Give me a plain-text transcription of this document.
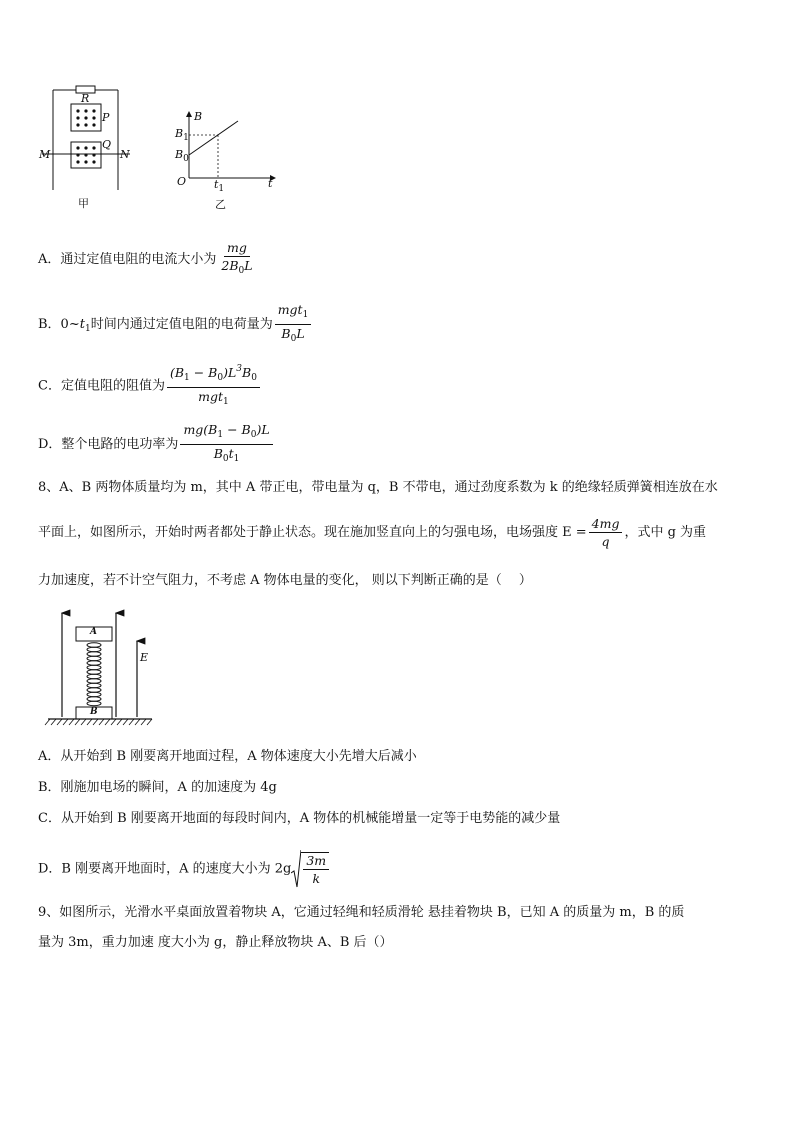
R
P
Q
M	N
甲
B
$B_1$
$B_0$
O	$t_1$	t
乙
A．通过定值电阻的电流大小为 $\frac{mg}{2B_0L}$
B．$0\sim t_1$时间内通过定值电阻的电荷量为 $\frac{mgt_1}{B_0L}$
C．定值电阻的阻值为 $\frac{(B_1 - B_0)L^3B_0}{mgt_1}$
D．整个电路的电功率为 $\frac{mg(B_1 - B_0)L}{B_0t_1}$
8、A、B 两物体质量均为 m，其中 A 带正电，带电量为 q，B 不带电，通过劲度系数为 k 的绝缘轻质弹簧相连放在水
平面上，如图所示，开始时两者都处于静止状态。现在施加竖直向上的匀强电场，电场强度 $E = \frac{4mg}{q}$ ，式中 g 为重
力加速度，若不计空气阻力，不考虑 A 物体电量的变化， 则以下判断正确的是（　 ）
A
B
E
A．从开始到 B 刚要离开地面过程，A 物体速度大小先增大后减小
B．刚施加电场的瞬间，A 的加速度为 4g
C．从开始到 B 刚要离开地面的每段时间内，A 物体的机械能增量一定等于电势能的减少量
D．B 刚要离开地面时，A 的速度大小为 $2g \frac{3m}{k}$
9、如图所示，光滑水平桌面放置着物块 A，它通过轻绳和轻质滑轮 悬挂着物块 B，已知 A 的质量为 m，B 的质
量为 3m，重力加速 度大小为 g，静止释放物块 A、B 后（）
